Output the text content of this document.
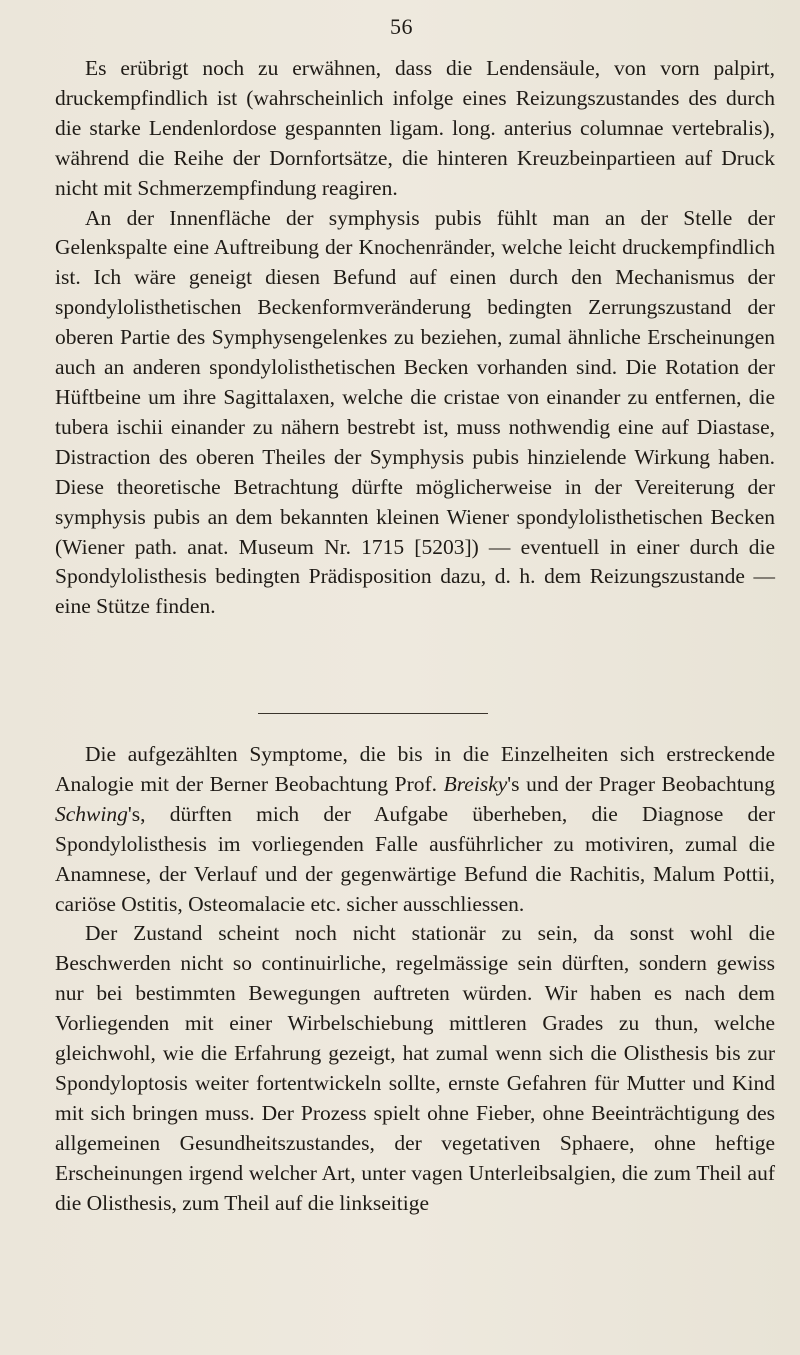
56

Es erübrigt noch zu erwähnen, dass die Lendensäule, von vorn palpirt, druckempfindlich ist (wahrscheinlich infolge eines Reizungszustandes des durch die starke Lendenlordose gespannten ligam. long. anterius columnae vertebralis), während die Reihe der Dornfortsätze, die hinteren Kreuzbeinpartieen auf Druck nicht mit Schmerzempfindung reagiren.

An der Innenfläche der symphysis pubis fühlt man an der Stelle der Gelenkspalte eine Auftreibung der Knochenränder, welche leicht druckempfindlich ist. Ich wäre geneigt diesen Befund auf einen durch den Mechanismus der spondylolisthetischen Beckenformveränderung bedingten Zerrungszustand der oberen Partie des Symphysengelenkes zu beziehen, zumal ähnliche Erscheinungen auch an anderen spondylolisthetischen Becken vorhanden sind. Die Rotation der Hüftbeine um ihre Sagittalaxen, welche die cristae von einander zu entfernen, die tubera ischii einander zu nähern bestrebt ist, muss nothwendig eine auf Diastase, Distraction des oberen Theiles der Symphysis pubis hinzielende Wirkung haben. Diese theoretische Betrachtung dürfte möglicherweise in der Vereiterung der symphysis pubis an dem bekannten kleinen Wiener spondylolisthetischen Becken (Wiener path. anat. Museum Nr. 1715 [5203]) — eventuell in einer durch die Spondylolisthesis bedingten Prädisposition dazu, d. h. dem Reizungszustande — eine Stütze finden.

Die aufgezählten Symptome, die bis in die Einzelheiten sich erstreckende Analogie mit der Berner Beobachtung Prof. Breisky's und der Prager Beobachtung Schwing's, dürften mich der Aufgabe überheben, die Diagnose der Spondylolisthesis im vorliegenden Falle ausführlicher zu motiviren, zumal die Anamnese, der Verlauf und der gegenwärtige Befund die Rachitis, Malum Pottii, cariöse Ostitis, Osteomalacie etc. sicher ausschliessen.

Der Zustand scheint noch nicht stationär zu sein, da sonst wohl die Beschwerden nicht so continuirliche, regelmässige sein dürften, sondern gewiss nur bei bestimmten Bewegungen auftreten würden. Wir haben es nach dem Vorliegenden mit einer Wirbelschiebung mittleren Grades zu thun, welche gleichwohl, wie die Erfahrung gezeigt, hat zumal wenn sich die Olisthesis bis zur Spondyloptosis weiter fortentwickeln sollte, ernste Gefahren für Mutter und Kind mit sich bringen muss. Der Prozess spielt ohne Fieber, ohne Beeinträchtigung des allgemeinen Gesundheitszustandes, der vegetativen Sphaere, ohne heftige Erscheinungen irgend welcher Art, unter vagen Unterleibsalgien, die zum Theil auf die Olisthesis, zum Theil auf die linkseitige
